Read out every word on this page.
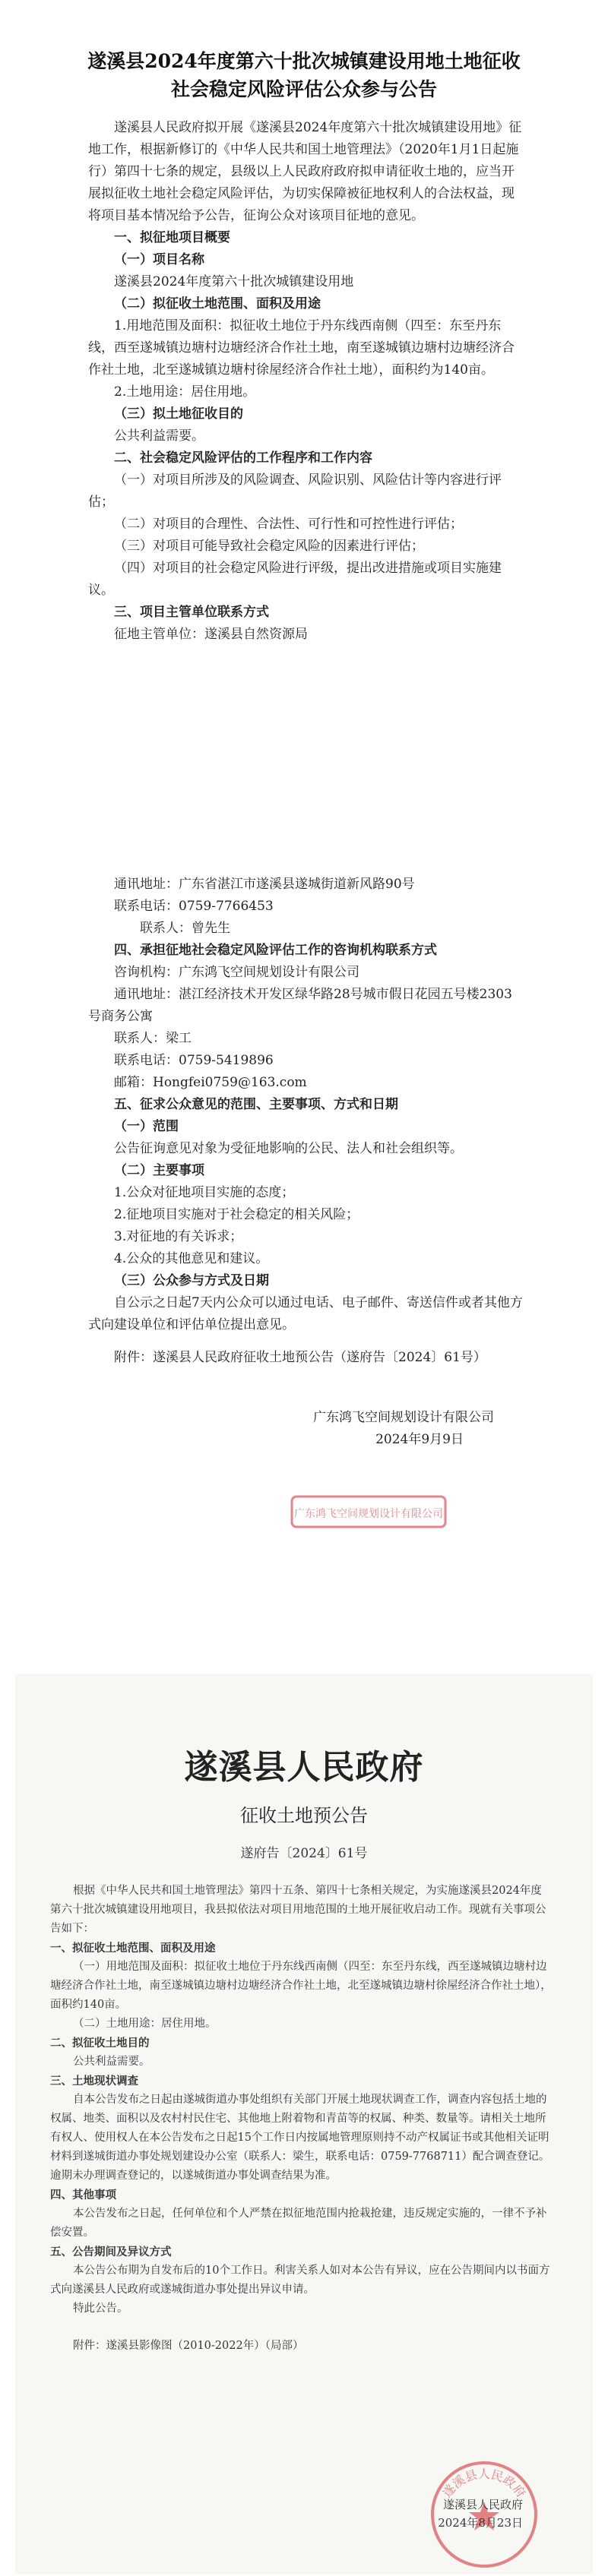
遂溪县2024年度第六十批次城镇建设用地土地征收
社会稳定风险评估公众参与公告

遂溪县人民政府拟开展《遂溪县2024年度第六十批次城镇建设用地》征地工作，根据新修订的《中华人民共和国土地管理法》（2020年1月1日起施行）第四十七条的规定，县级以上人民政府政府拟申请征收土地的，应当开展拟征收土地社会稳定风险评估，为切实保障被征地权利人的合法权益，现将项目基本情况给予公告，征询公众对该项目征地的意见。

一、拟征地项目概要

（一）项目名称

遂溪县2024年度第六十批次城镇建设用地

（二）拟征收土地范围、面积及用途

1.用地范围及面积：拟征收土地位于丹东线西南侧（四至：东至丹东线，西至遂城镇边塘村边塘经济合作社土地，南至遂城镇边塘村边塘经济合作社土地，北至遂城镇边塘村徐屋经济合作社土地），面积约为140亩。

2.土地用途：居住用地。

（三）拟土地征收目的

公共利益需要。

二、社会稳定风险评估的工作程序和工作内容

（一）对项目所涉及的风险调查、风险识别、风险估计等内容进行评估；

（二）对项目的合理性、合法性、可行性和可控性进行评估；

（三）对项目可能导致社会稳定风险的因素进行评估；

（四）对项目的社会稳定风险进行评级，提出改进措施或项目实施建议。

三、项目主管单位联系方式

征地主管单位：遂溪县自然资源局

通讯地址：广东省湛江市遂溪县遂城街道新风路90号

联系电话：0759-7766453

联系人：曾先生

四、承担征地社会稳定风险评估工作的咨询机构联系方式

咨询机构：广东鸿飞空间规划设计有限公司

通讯地址：湛江经济技术开发区绿华路28号城市假日花园五号楼2303号商务公寓

联系人：梁工

联系电话：0759-5419896

邮箱：Hongfei0759@163.com

五、征求公众意见的范围、主要事项、方式和日期

（一）范围

公告征询意见对象为受征地影响的公民、法人和社会组织等。

（二）主要事项

1.公众对征地项目实施的态度；

2.征地项目实施对于社会稳定的相关风险；

3.对征地的有关诉求；

4.公众的其他意见和建议。

（三）公众参与方式及日期

自公示之日起7天内公众可以通过电话、电子邮件、寄送信件或者其他方式向建设单位和评估单位提出意见。

附件：遂溪县人民政府征收土地预公告（遂府告〔2024〕61号）

广东鸿飞空间规划设计有限公司

2024年9月9日

广东鸿飞空间规划设计有限公司
遂溪县人民政府

征收土地预公告

遂府告〔2024〕61号

根据《中华人民共和国土地管理法》第四十五条、第四十七条相关规定，为实施遂溪县2024年度第六十批次城镇建设用地项目，我县拟依法对项目用地范围的土地开展征收启动工作。现就有关事项公告如下：

一、拟征收土地范围、面积及用途

（一）用地范围及面积：拟征收土地位于丹东线西南侧（四至：东至丹东线，西至遂城镇边塘村边塘经济合作社土地，南至遂城镇边塘村边塘经济合作社土地，北至遂城镇边塘村徐屋经济合作社土地），面积约140亩。

（二）土地用途：居住用地。

二、拟征收土地目的

公共利益需要。

三、土地现状调查

自本公告发布之日起由遂城街道办事处组织有关部门开展土地现状调查工作，调查内容包括土地的权属、地类、面积以及农村村民住宅、其他地上附着物和青苗等的权属、种类、数量等。请相关土地所有权人、使用权人在本公告发布之日起15个工作日内按属地管理原则持不动产权属证书或其他相关证明材料到遂城街道办事处规划建设办公室（联系人：梁生，联系电话：0759-7768711）配合调查登记。逾期未办理调查登记的，以遂城街道办事处调查结果为准。

四、其他事项

本公告发布之日起，任何单位和个人严禁在拟征地范围内抢栽抢建，违反规定实施的，一律不予补偿安置。

五、公告期间及异议方式

本公告公布期为自发布后的10个工作日。利害关系人如对本公告有异议，应在公告期间内以书面方式向遂溪县人民政府或遂城街道办事处提出异议申请。

特此公告。

附件：遂溪县影像图（2010-2022年）（局部）

遂溪县人民政府
遂溪县人民政府
2024年8月23日
